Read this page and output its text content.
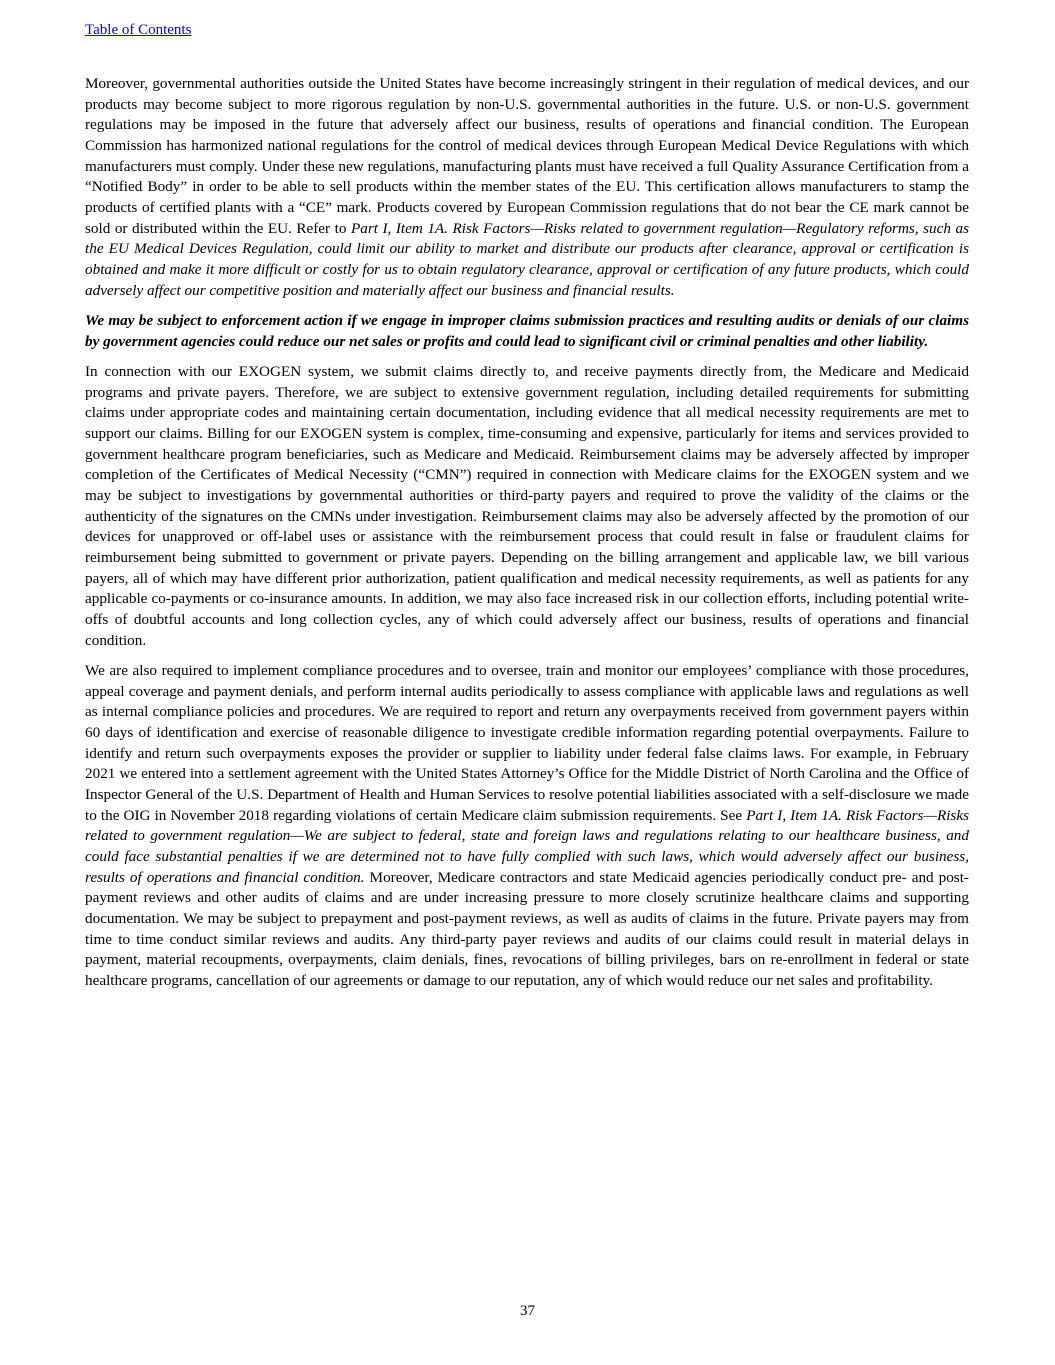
Table of Contents

Moreover, governmental authorities outside the United States have become increasingly stringent in their regulation of medical devices, and our products may become subject to more rigorous regulation by non-U.S. governmental authorities in the future. U.S. or non-U.S. government regulations may be imposed in the future that adversely affect our business, results of operations and financial condition. The European Commission has harmonized national regulations for the control of medical devices through European Medical Device Regulations with which manufacturers must comply. Under these new regulations, manufacturing plants must have received a full Quality Assurance Certification from a “Notified Body” in order to be able to sell products within the member states of the EU. This certification allows manufacturers to stamp the products of certified plants with a “CE” mark. Products covered by European Commission regulations that do not bear the CE mark cannot be sold or distributed within the EU. Refer to Part I, Item 1A. Risk Factors—Risks related to government regulation—Regulatory reforms, such as the EU Medical Devices Regulation, could limit our ability to market and distribute our products after clearance, approval or certification is obtained and make it more difficult or costly for us to obtain regulatory clearance, approval or certification of any future products, which could adversely affect our competitive position and materially affect our business and financial results.

We may be subject to enforcement action if we engage in improper claims submission practices and resulting audits or denials of our claims by government agencies could reduce our net sales or profits and could lead to significant civil or criminal penalties and other liability.

In connection with our EXOGEN system, we submit claims directly to, and receive payments directly from, the Medicare and Medicaid programs and private payers. Therefore, we are subject to extensive government regulation, including detailed requirements for submitting claims under appropriate codes and maintaining certain documentation, including evidence that all medical necessity requirements are met to support our claims. Billing for our EXOGEN system is complex, time-consuming and expensive, particularly for items and services provided to government healthcare program beneficiaries, such as Medicare and Medicaid. Reimbursement claims may be adversely affected by improper completion of the Certificates of Medical Necessity (“CMN”) required in connection with Medicare claims for the EXOGEN system and we may be subject to investigations by governmental authorities or third-party payers and required to prove the validity of the claims or the authenticity of the signatures on the CMNs under investigation. Reimbursement claims may also be adversely affected by the promotion of our devices for unapproved or off-label uses or assistance with the reimbursement process that could result in false or fraudulent claims for reimbursement being submitted to government or private payers. Depending on the billing arrangement and applicable law, we bill various payers, all of which may have different prior authorization, patient qualification and medical necessity requirements, as well as patients for any applicable co-payments or co-insurance amounts. In addition, we may also face increased risk in our collection efforts, including potential write-offs of doubtful accounts and long collection cycles, any of which could adversely affect our business, results of operations and financial condition.

We are also required to implement compliance procedures and to oversee, train and monitor our employees’ compliance with those procedures, appeal coverage and payment denials, and perform internal audits periodically to assess compliance with applicable laws and regulations as well as internal compliance policies and procedures. We are required to report and return any overpayments received from government payers within 60 days of identification and exercise of reasonable diligence to investigate credible information regarding potential overpayments. Failure to identify and return such overpayments exposes the provider or supplier to liability under federal false claims laws. For example, in February 2021 we entered into a settlement agreement with the United States Attorney’s Office for the Middle District of North Carolina and the Office of Inspector General of the U.S. Department of Health and Human Services to resolve potential liabilities associated with a self-disclosure we made to the OIG in November 2018 regarding violations of certain Medicare claim submission requirements. See Part I, Item 1A. Risk Factors—Risks related to government regulation—We are subject to federal, state and foreign laws and regulations relating to our healthcare business, and could face substantial penalties if we are determined not to have fully complied with such laws, which would adversely affect our business, results of operations and financial condition. Moreover, Medicare contractors and state Medicaid agencies periodically conduct pre- and post-payment reviews and other audits of claims and are under increasing pressure to more closely scrutinize healthcare claims and supporting documentation. We may be subject to prepayment and post-payment reviews, as well as audits of claims in the future. Private payers may from time to time conduct similar reviews and audits. Any third-party payer reviews and audits of our claims could result in material delays in payment, material recoupments, overpayments, claim denials, fines, revocations of billing privileges, bars on re-enrollment in federal or state healthcare programs, cancellation of our agreements or damage to our reputation, any of which would reduce our net sales and profitability.

37
